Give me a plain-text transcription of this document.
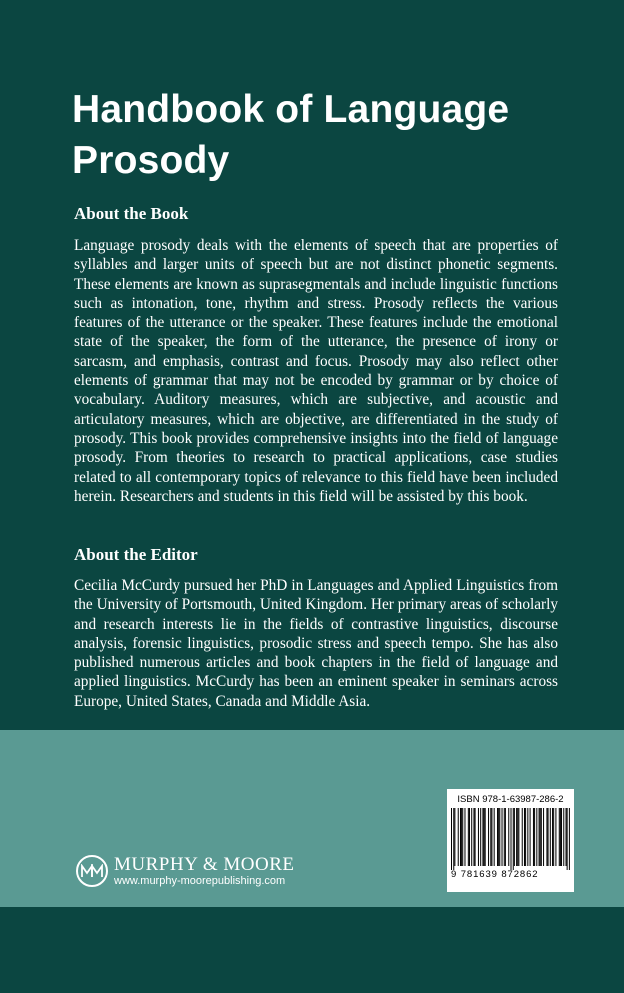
Handbook of Language Prosody
About the Book

Language prosody deals with the elements of speech that are properties of syllables and larger units of speech but are not distinct phonetic segments. These elements are known as suprasegmentals and include linguistic functions such as intonation, tone, rhythm and stress. Prosody reflects the various features of the utterance or the speaker. These features include the emotional state of the speaker, the form of the utterance, the presence of irony or sarcasm, and emphasis, contrast and focus. Prosody may also reflect other elements of grammar that may not be encoded by grammar or by choice of vocabulary. Auditory measures, which are subjective, and acoustic and articulatory measures, which are objective, are differentiated in the study of prosody. This book provides comprehensive insights into the field of language prosody. From theories to research to practical applications, case studies related to all contemporary topics of relevance to this field have been included herein. Researchers and students in this field will be assisted by this book.

About the Editor

Cecilia McCurdy pursued her PhD in Languages and Applied Linguistics from the University of Portsmouth, United Kingdom. Her primary areas of scholarly and research interests lie in the fields of contrastive linguistics, discourse analysis, forensic linguistics, prosodic stress and speech tempo. She has also published numerous articles and book chapters in the field of language and applied linguistics. McCurdy has been an eminent speaker in seminars across Europe, United States, Canada and Middle Asia.

MURPHY & MOORE
www.murphy-moorepublishing.com
ISBN 978-1-63987-286-2
9 781639 872862
